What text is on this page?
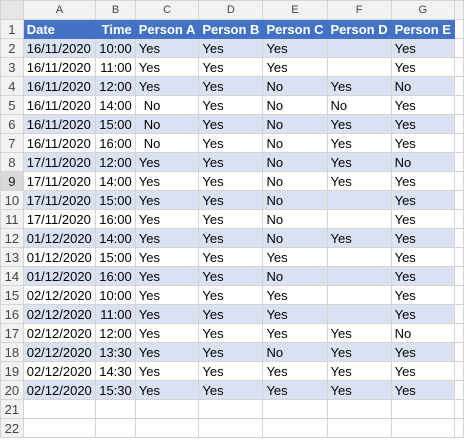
	A	B	C	D	E	F	G	
1	Date	Time	Person A	Person B	Person C	Person D	Person E	
2	16/11/2020	10:00	Yes	Yes	Yes		Yes	
3	16/11/2020	11:00	Yes	Yes	Yes		Yes	
4	16/11/2020	12:00	Yes	Yes	No	Yes	No	
5	16/11/2020	14:00	No	Yes	No	No	Yes	
6	16/11/2020	15:00	No	Yes	No	Yes	Yes	
7	16/11/2020	16:00	No	Yes	No	Yes	Yes	
8	17/11/2020	12:00	Yes	Yes	No	Yes	No	
9	17/11/2020	14:00	Yes	Yes	No	Yes	Yes	
10	17/11/2020	15:00	Yes	Yes	No		Yes	
11	17/11/2020	16:00	Yes	Yes	No		Yes	
12	01/12/2020	14:00	Yes	Yes	No	Yes	Yes	
13	01/12/2020	15:00	Yes	Yes	Yes		Yes	
14	01/12/2020	16:00	Yes	Yes	No		Yes	
15	02/12/2020	10:00	Yes	Yes	Yes		Yes	
16	02/12/2020	11:00	Yes	Yes	Yes		Yes	
17	02/12/2020	12:00	Yes	Yes	Yes	Yes	No	
18	02/12/2020	13:30	Yes	Yes	No	Yes	Yes	
19	02/12/2020	14:30	Yes	Yes	Yes	Yes	Yes	
20	02/12/2020	15:30	Yes	Yes	Yes	Yes	Yes	
21								
22								
